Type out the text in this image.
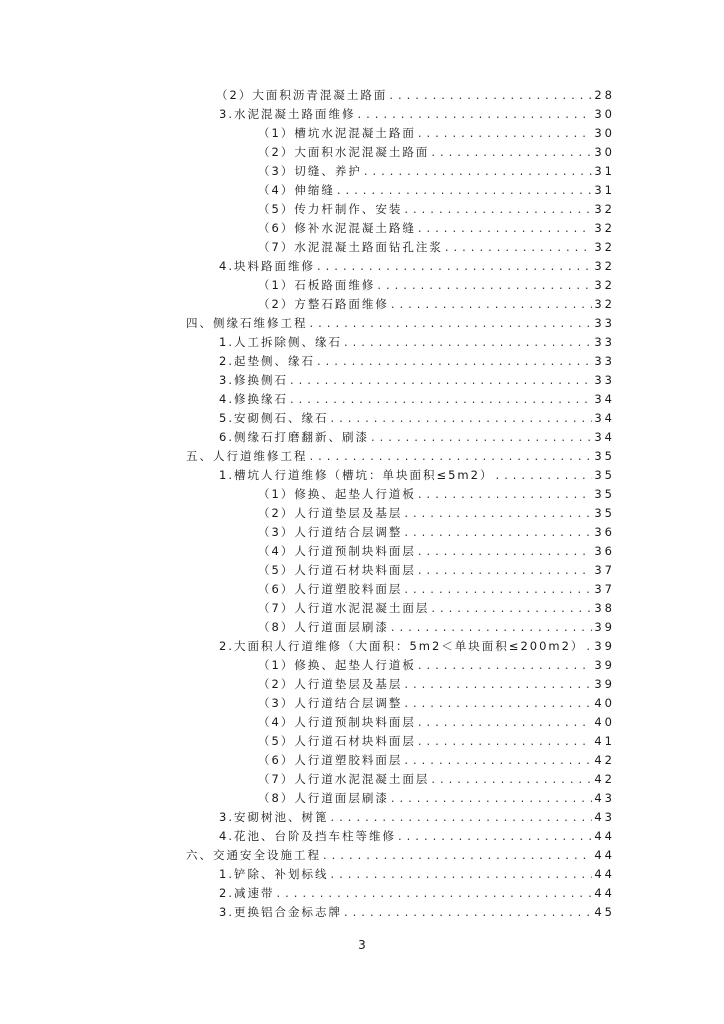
（2）大面积沥青混凝土路面 .....	28
3.水泥混凝土路面维修 .....	30
（1）槽坑水泥混凝土路面 .....	30
（2）大面积水泥混凝土路面 .....	30
（3）切缝、养护 .....	31
（4）伸缩缝 .....	31
（5）传力杆制作、安装 .....	32
（6）修补水泥混凝土路缝 .....	32
（7）水泥混凝土路面钻孔注浆 .....	32
4.块料路面维修 .....	32
（1）石板路面维修 .....	32
（2）方整石路面维修 .....	32
四、侧缘石维修工程 .....	33
1.人工拆除侧、缘石 .....	33
2.起垫侧、缘石 .....	33
3.修换侧石 .....	33
4.修换缘石 .....	34
5.安砌侧石、缘石 .....	34
6.侧缘石打磨翻新、刷漆 .....	34
五、人行道维修工程 .....	35
1.槽坑人行道维修（槽坑：单块面积≤5m2） .....	35
（1）修换、起垫人行道板 .....	35
（2）人行道垫层及基层 .....	35
（3）人行道结合层调整 .....	36
（4）人行道预制块料面层 .....	36
（5）人行道石材块料面层 .....	37
（6）人行道塑胶料面层 .....	37
（7）人行道水泥混凝土面层 .....	38
（8）人行道面层刷漆 .....	39
2.大面积人行道维修（大面积：5m2＜单块面积≤200m2） ..... 39
（1）修换、起垫人行道板 .....	39
（2）人行道垫层及基层 .....	39
（3）人行道结合层调整 .....	40
（4）人行道预制块料面层 .....	40
（5）人行道石材块料面层 .....	41
（6）人行道塑胶料面层 .....	42
（7）人行道水泥混凝土面层 .....	42
（8）人行道面层刷漆 .....	43
3.安砌树池、树篦 .....	43
4.花池、台阶及挡车柱等维修 .....	44
六、交通安全设施工程 .....	44
1.铲除、补划标线 .....	44
2.减速带 .....	44
3.更换铝合金标志牌 .....	45
3
